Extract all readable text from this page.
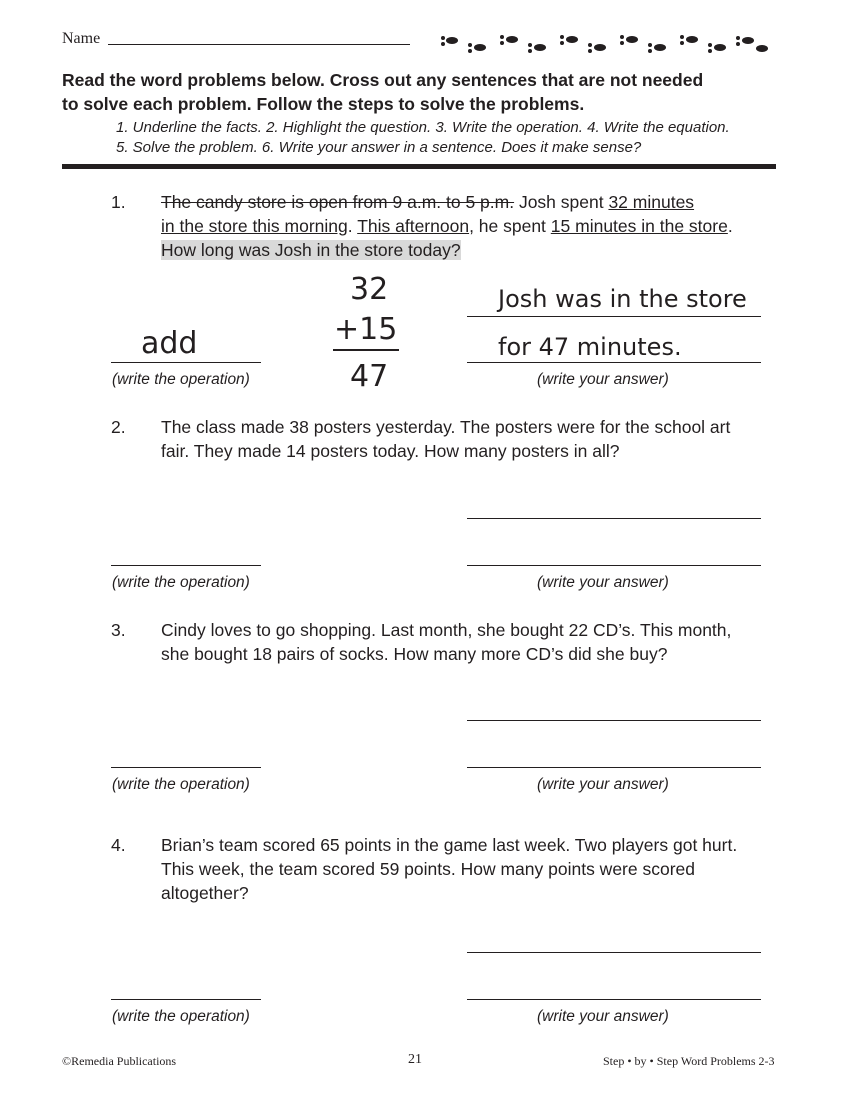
Name
Read the word problems below. Cross out any sentences that are not needed
to solve each problem. Follow the steps to solve the problems.
1. Underline the facts. 2. Highlight the question. 3. Write the operation. 4. Write the equation.
5. Solve the problem. 6. Write your answer in a sentence. Does it make sense?
1. The candy store is open from 9 a.m. to 5 p.m. Josh spent 32 minutes
in the store this morning. This afternoon, he spent 15 minutes in the store.
How long was Josh in the store today?
add
(write the operation)
32
+15
47
Josh was in the store
for 47 minutes.
(write your answer)
2. The class made 38 posters yesterday. The posters were for the school art
fair. They made 14 posters today. How many posters in all?
(write the operation)	(write your answer)
3. Cindy loves to go shopping. Last month, she bought 22 CD’s. This month,
she bought 18 pairs of socks. How many more CD’s did she buy?
(write the operation)	(write your answer)
4. Brian’s team scored 65 points in the game last week. Two players got hurt.
This week, the team scored 59 points. How many points were scored
altogether?
(write the operation)	(write your answer)
©Remedia Publications	21	Step • by • Step Word Problems 2-3
